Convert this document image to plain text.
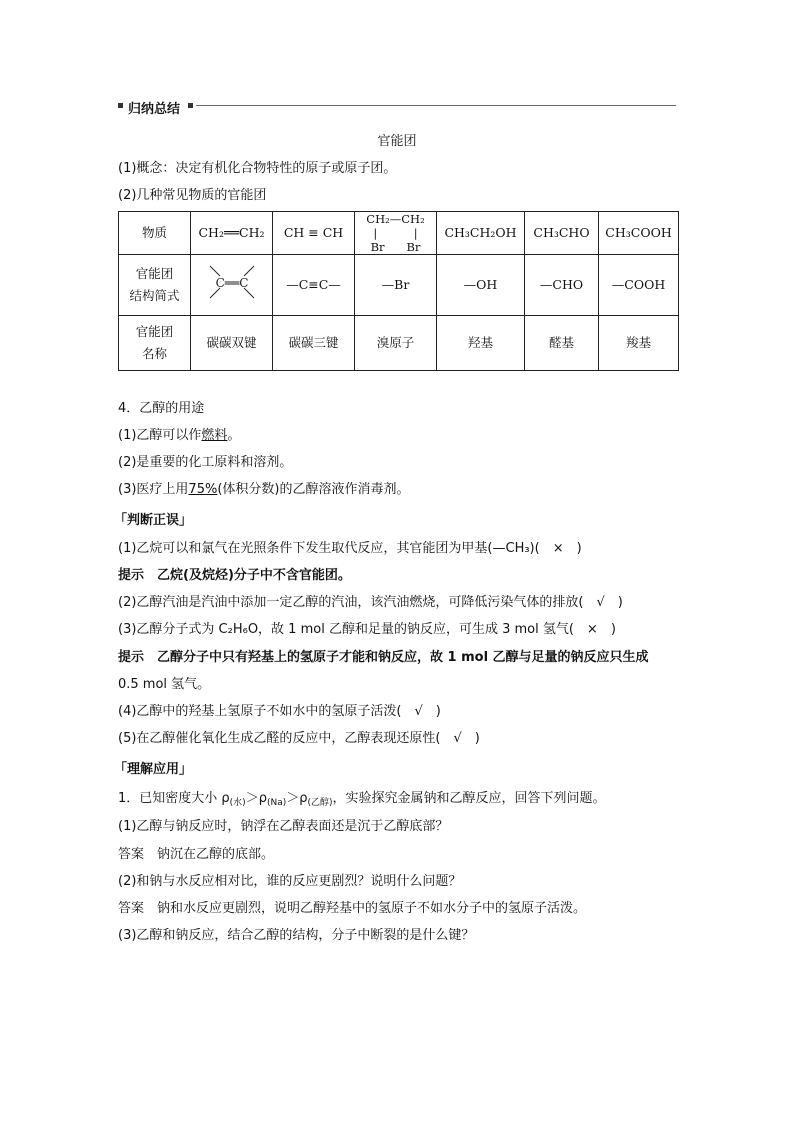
归纳总结
官能团
(1)概念：决定有机化合物特性的原子或原子团。
(2)几种常见物质的官能团
物质	CH₂══CH₂	CH ≡ CH	CH₂—CH₂
|          |
Br      Br	CH₃CH₂OH	CH₃CHO	CH₃COOH

官能团
结构简式	C══C	—C≡C—	—Br	—OH	—CHO	—COOH

官能团
名称	碳碳双键	碳碳三键	溴原子	羟基	醛基	羧基
4．乙醇的用途
(1)乙醇可以作燃料。
(2)是重要的化工原料和溶剂。
(3)医疗上用75%(体积分数)的乙醇溶液作消毒剂。
「判断正误」
(1)乙烷可以和氯气在光照条件下发生取代反应，其官能团为甲基(—CH₃)(　×　)
提示　乙烷(及烷烃)分子中不含官能团。
(2)乙醇汽油是汽油中添加一定乙醇的汽油，该汽油燃烧，可降低污染气体的排放(　√　)
(3)乙醇分子式为 C₂H₆O，故 1 mol 乙醇和足量的钠反应，可生成 3 mol 氢气(　×　)
提示　乙醇分子中只有羟基上的氢原子才能和钠反应，故 1 mol 乙醇与足量的钠反应只生成
0.5 mol 氢气。
(4)乙醇中的羟基上氢原子不如水中的氢原子活泼(　√　)
(5)在乙醇催化氧化生成乙醛的反应中，乙醇表现还原性(　√　)
「理解应用」
1．已知密度大小 $\rho_{(水)}>\rho_{(Na)}>\rho_{(乙醇)}$，实验探究金属钠和乙醇反应，回答下列问题。
(1)乙醇与钠反应时，钠浮在乙醇表面还是沉于乙醇底部？
答案　钠沉在乙醇的底部。
(2)和钠与水反应相对比，谁的反应更剧烈？说明什么问题？
答案　钠和水反应更剧烈，说明乙醇羟基中的氢原子不如水分子中的氢原子活泼。
(3)乙醇和钠反应，结合乙醇的结构，分子中断裂的是什么键？
